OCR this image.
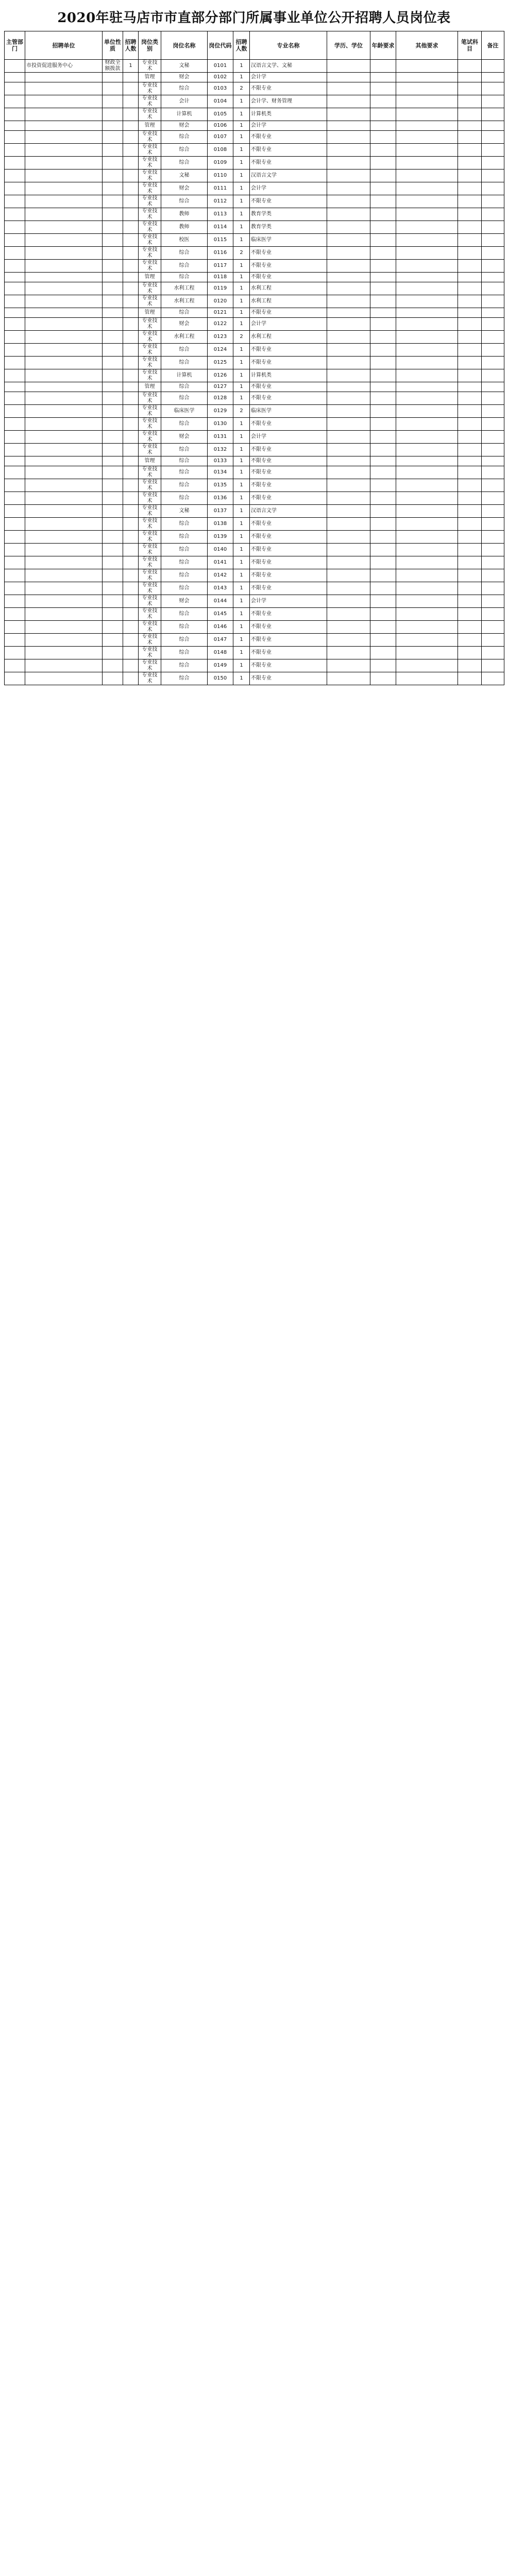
2020年驻马店市市直部分部门所属事业单位公开招聘人员岗位表
主管部门	招聘单位	单位性质	招聘人数	岗位类别	岗位名称	岗位代码	招聘人数	专业名称	学历、学位	年龄要求	其他要求	笔试科目	备注
	市投资促进服务中心	财政全额拨款	1	专业技术	文秘	0101	1	汉语言文学、文秘					
				管理	财会	0102	1	会计学					
				专业技术	综合	0103	2	不限专业					
				专业技术	会计	0104	1	会计学、财务管理					
				专业技术	计算机	0105	1	计算机类					
				管理	财会	0106	1	会计学					
				专业技术	综合	0107	1	不限专业					
				专业技术	综合	0108	1	不限专业					
				专业技术	综合	0109	1	不限专业					
				专业技术	文秘	0110	1	汉语言文学					
				专业技术	财会	0111	1	会计学					
				专业技术	综合	0112	1	不限专业					
				专业技术	教师	0113	1	教育学类					
				专业技术	教师	0114	1	教育学类					
				专业技术	校医	0115	1	临床医学					
				专业技术	综合	0116	2	不限专业					
				专业技术	综合	0117	1	不限专业					
				管理	综合	0118	1	不限专业					
				专业技术	水利工程	0119	1	水利工程					
				专业技术	水利工程	0120	1	水利工程					
				管理	综合	0121	1	不限专业					
				专业技术	财会	0122	1	会计学					
				专业技术	水利工程	0123	2	水利工程					
				专业技术	综合	0124	1	不限专业					
				专业技术	综合	0125	1	不限专业					
				专业技术	计算机	0126	1	计算机类					
				管理	综合	0127	1	不限专业					
				专业技术	综合	0128	1	不限专业					
				专业技术	临床医学	0129	2	临床医学					
				专业技术	综合	0130	1	不限专业					
				专业技术	财会	0131	1	会计学					
				专业技术	综合	0132	1	不限专业					
				管理	综合	0133	1	不限专业					
				专业技术	综合	0134	1	不限专业					
				专业技术	综合	0135	1	不限专业					
				专业技术	综合	0136	1	不限专业					
				专业技术	文秘	0137	1	汉语言文学					
				专业技术	综合	0138	1	不限专业					
				专业技术	综合	0139	1	不限专业					
				专业技术	综合	0140	1	不限专业					
				专业技术	综合	0141	1	不限专业					
				专业技术	综合	0142	1	不限专业					
				专业技术	综合	0143	1	不限专业					
				专业技术	财会	0144	1	会计学					
				专业技术	综合	0145	1	不限专业					
				专业技术	综合	0146	1	不限专业					
				专业技术	综合	0147	1	不限专业					
				专业技术	综合	0148	1	不限专业					
				专业技术	综合	0149	1	不限专业					
				专业技术	综合	0150	1	不限专业					
